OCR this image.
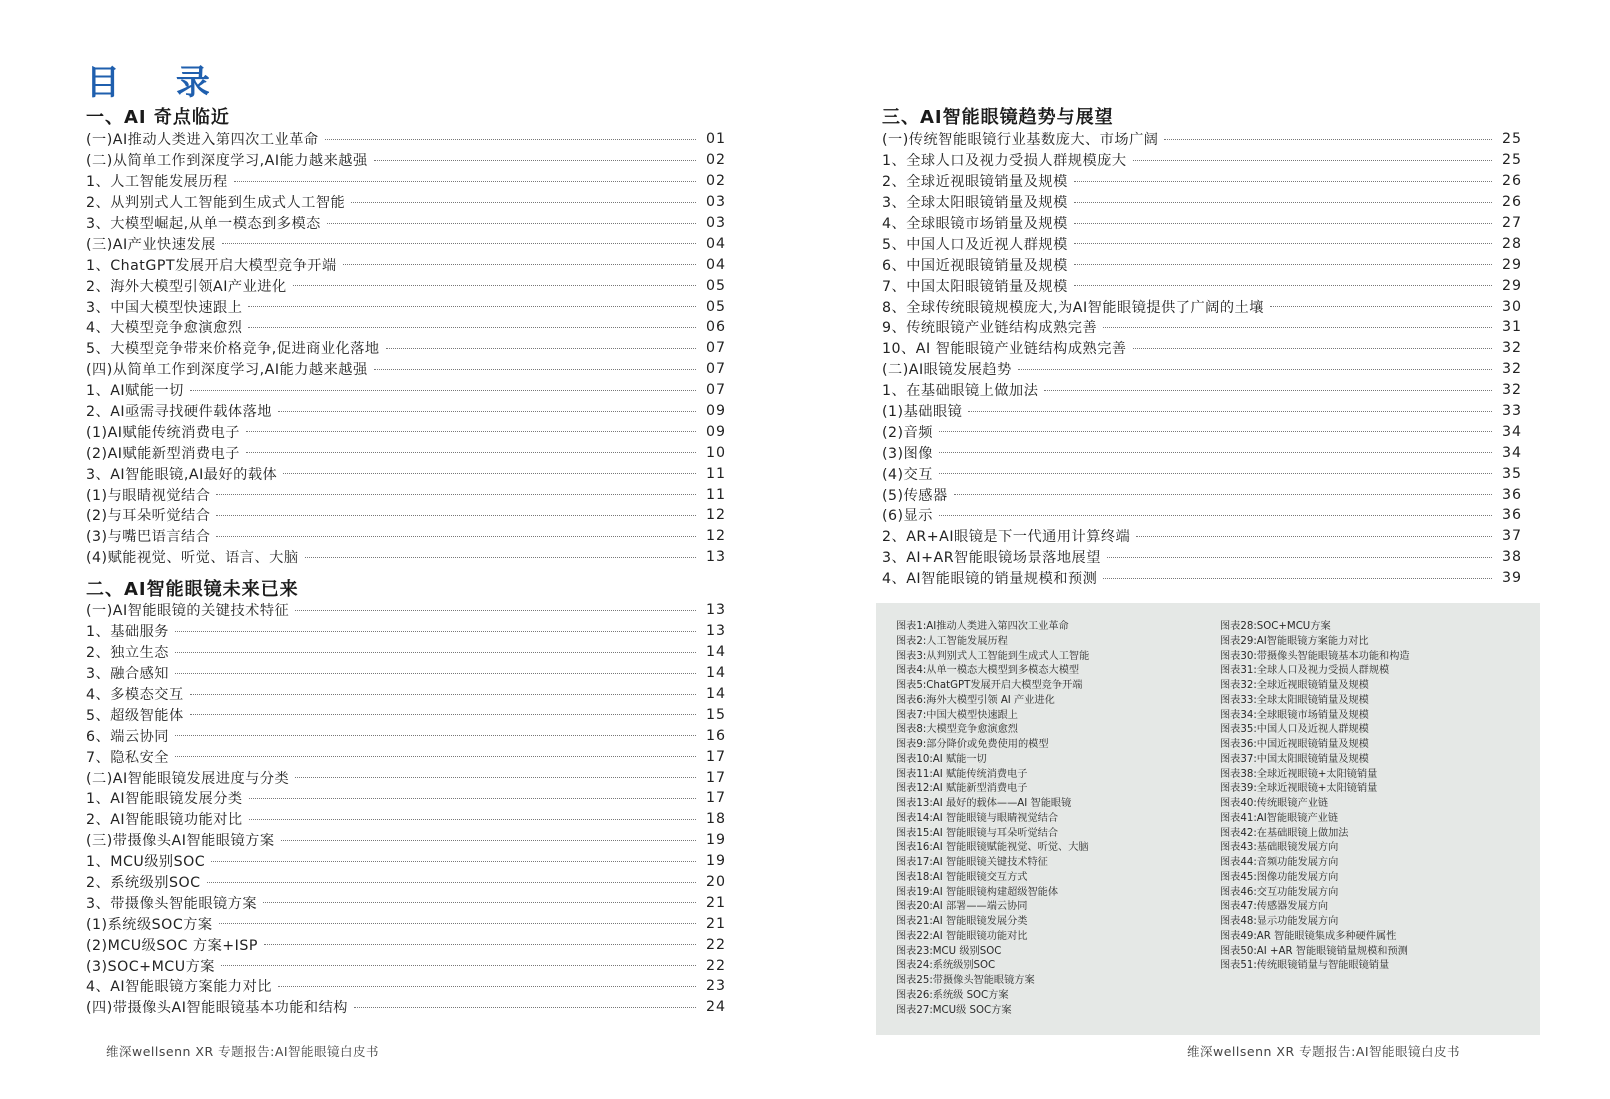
目 录
一、AI 奇点临近
(一)AI推动人类进入第四次工业革命	01
(二)从简单工作到深度学习,AI能力越来越强	02
1、人工智能发展历程	02
2、从判别式人工智能到生成式人工智能	03
3、大模型崛起,从单一模态到多模态	03
(三)AI产业快速发展	04
1、ChatGPT发展开启大模型竞争开端	04
2、海外大模型引领AI产业进化	05
3、中国大模型快速跟上	05
4、大模型竞争愈演愈烈	06
5、大模型竞争带来价格竞争,促进商业化落地	07
(四)从简单工作到深度学习,AI能力越来越强	07
1、AI赋能一切	07
2、AI亟需寻找硬件载体落地	09
(1)AI赋能传统消费电子	09
(2)AI赋能新型消费电子	10
3、AI智能眼镜,AI最好的载体	11
(1)与眼睛视觉结合	11
(2)与耳朵听觉结合	12
(3)与嘴巴语言结合	12
(4)赋能视觉、听觉、语言、大脑	13
二、AI智能眼镜未来已来
(一)AI智能眼镜的关键技术特征	13
1、基础服务	13
2、独立生态	14
3、融合感知	14
4、多模态交互	14
5、超级智能体	15
6、端云协同	16
7、隐私安全	17
(二)AI智能眼镜发展进度与分类	17
1、AI智能眼镜发展分类	17
2、AI智能眼镜功能对比	18
(三)带摄像头AI智能眼镜方案	19
1、MCU级别SOC	19
2、系统级别SOC	20
3、带摄像头智能眼镜方案	21
(1)系统级SOC方案	21
(2)MCU级SOC 方案+ISP	22
(3)SOC+MCU方案	22
4、AI智能眼镜方案能力对比	23
(四)带摄像头AI智能眼镜基本功能和结构	24
三、AI智能眼镜趋势与展望
(一)传统智能眼镜行业基数庞大、市场广阔	25
1、全球人口及视力受损人群规模庞大	25
2、全球近视眼镜销量及规模	26
3、全球太阳眼镜销量及规模	26
4、全球眼镜市场销量及规模	27
5、中国人口及近视人群规模	28
6、中国近视眼镜销量及规模	29
7、中国太阳眼镜销量及规模	29
8、全球传统眼镜规模庞大,为AI智能眼镜提供了广阔的土壤	30
9、传统眼镜产业链结构成熟完善	31
10、AI 智能眼镜产业链结构成熟完善	32
(二)AI眼镜发展趋势	32
1、在基础眼镜上做加法	32
(1)基础眼镜	33
(2)音频	34
(3)图像	34
(4)交互	35
(5)传感器	36
(6)显示	36
2、AR+AI眼镜是下一代通用计算终端	37
3、AI+AR智能眼镜场景落地展望	38
4、AI智能眼镜的销量规模和预测	39
图表1:AI推动人类进入第四次工业革命
图表2:人工智能发展历程
图表3:从判别式人工智能到生成式人工智能
图表4:从单一模态大模型到多模态大模型
图表5:ChatGPT发展开启大模型竞争开端
图表6:海外大模型引领 AI 产业进化
图表7:中国大模型快速跟上
图表8:大模型竞争愈演愈烈
图表9:部分降价或免费使用的模型
图表10:AI 赋能一切
图表11:AI 赋能传统消费电子
图表12:AI 赋能新型消费电子
图表13:AI 最好的载体——AI 智能眼镜
图表14:AI 智能眼镜与眼睛视觉结合
图表15:AI 智能眼镜与耳朵听觉结合
图表16:AI 智能眼镜赋能视觉、听觉、大脑
图表17:AI 智能眼镜关键技术特征
图表18:AI 智能眼镜交互方式
图表19:AI 智能眼镜构建超级智能体
图表20:AI 部署——端云协同
图表21:AI 智能眼镜发展分类
图表22:AI 智能眼镜功能对比
图表23:MCU 级别SOC
图表24:系统级别SOC
图表25:带摄像头智能眼镜方案
图表26:系统级 SOC方案
图表27:MCU级 SOC方案
图表28:SOC+MCU方案
图表29:AI智能眼镜方案能力对比
图表30:带摄像头智能眼镜基本功能和构造
图表31:全球人口及视力受损人群规模
图表32:全球近视眼镜销量及规模
图表33:全球太阳眼镜销量及规模
图表34:全球眼镜市场销量及规模
图表35:中国人口及近视人群规模
图表36:中国近视眼镜销量及规模
图表37:中国太阳眼镜销量及规模
图表38:全球近视眼镜+太阳镜销量
图表39:全球近视眼镜+太阳镜销量
图表40:传统眼镜产业链
图表41:AI智能眼镜产业链
图表42:在基础眼镜上做加法
图表43:基础眼镜发展方向
图表44:音频功能发展方向
图表45:图像功能发展方向
图表46:交互功能发展方向
图表47:传感器发展方向
图表48:显示功能发展方向
图表49:AR 智能眼镜集成多种硬件属性
图表50:AI +AR 智能眼镜销量规模和预测
图表51:传统眼镜销量与智能眼镜销量
维深wellsenn XR 专题报告:AI智能眼镜白皮书	维深wellsenn XR 专题报告:AI智能眼镜白皮书
